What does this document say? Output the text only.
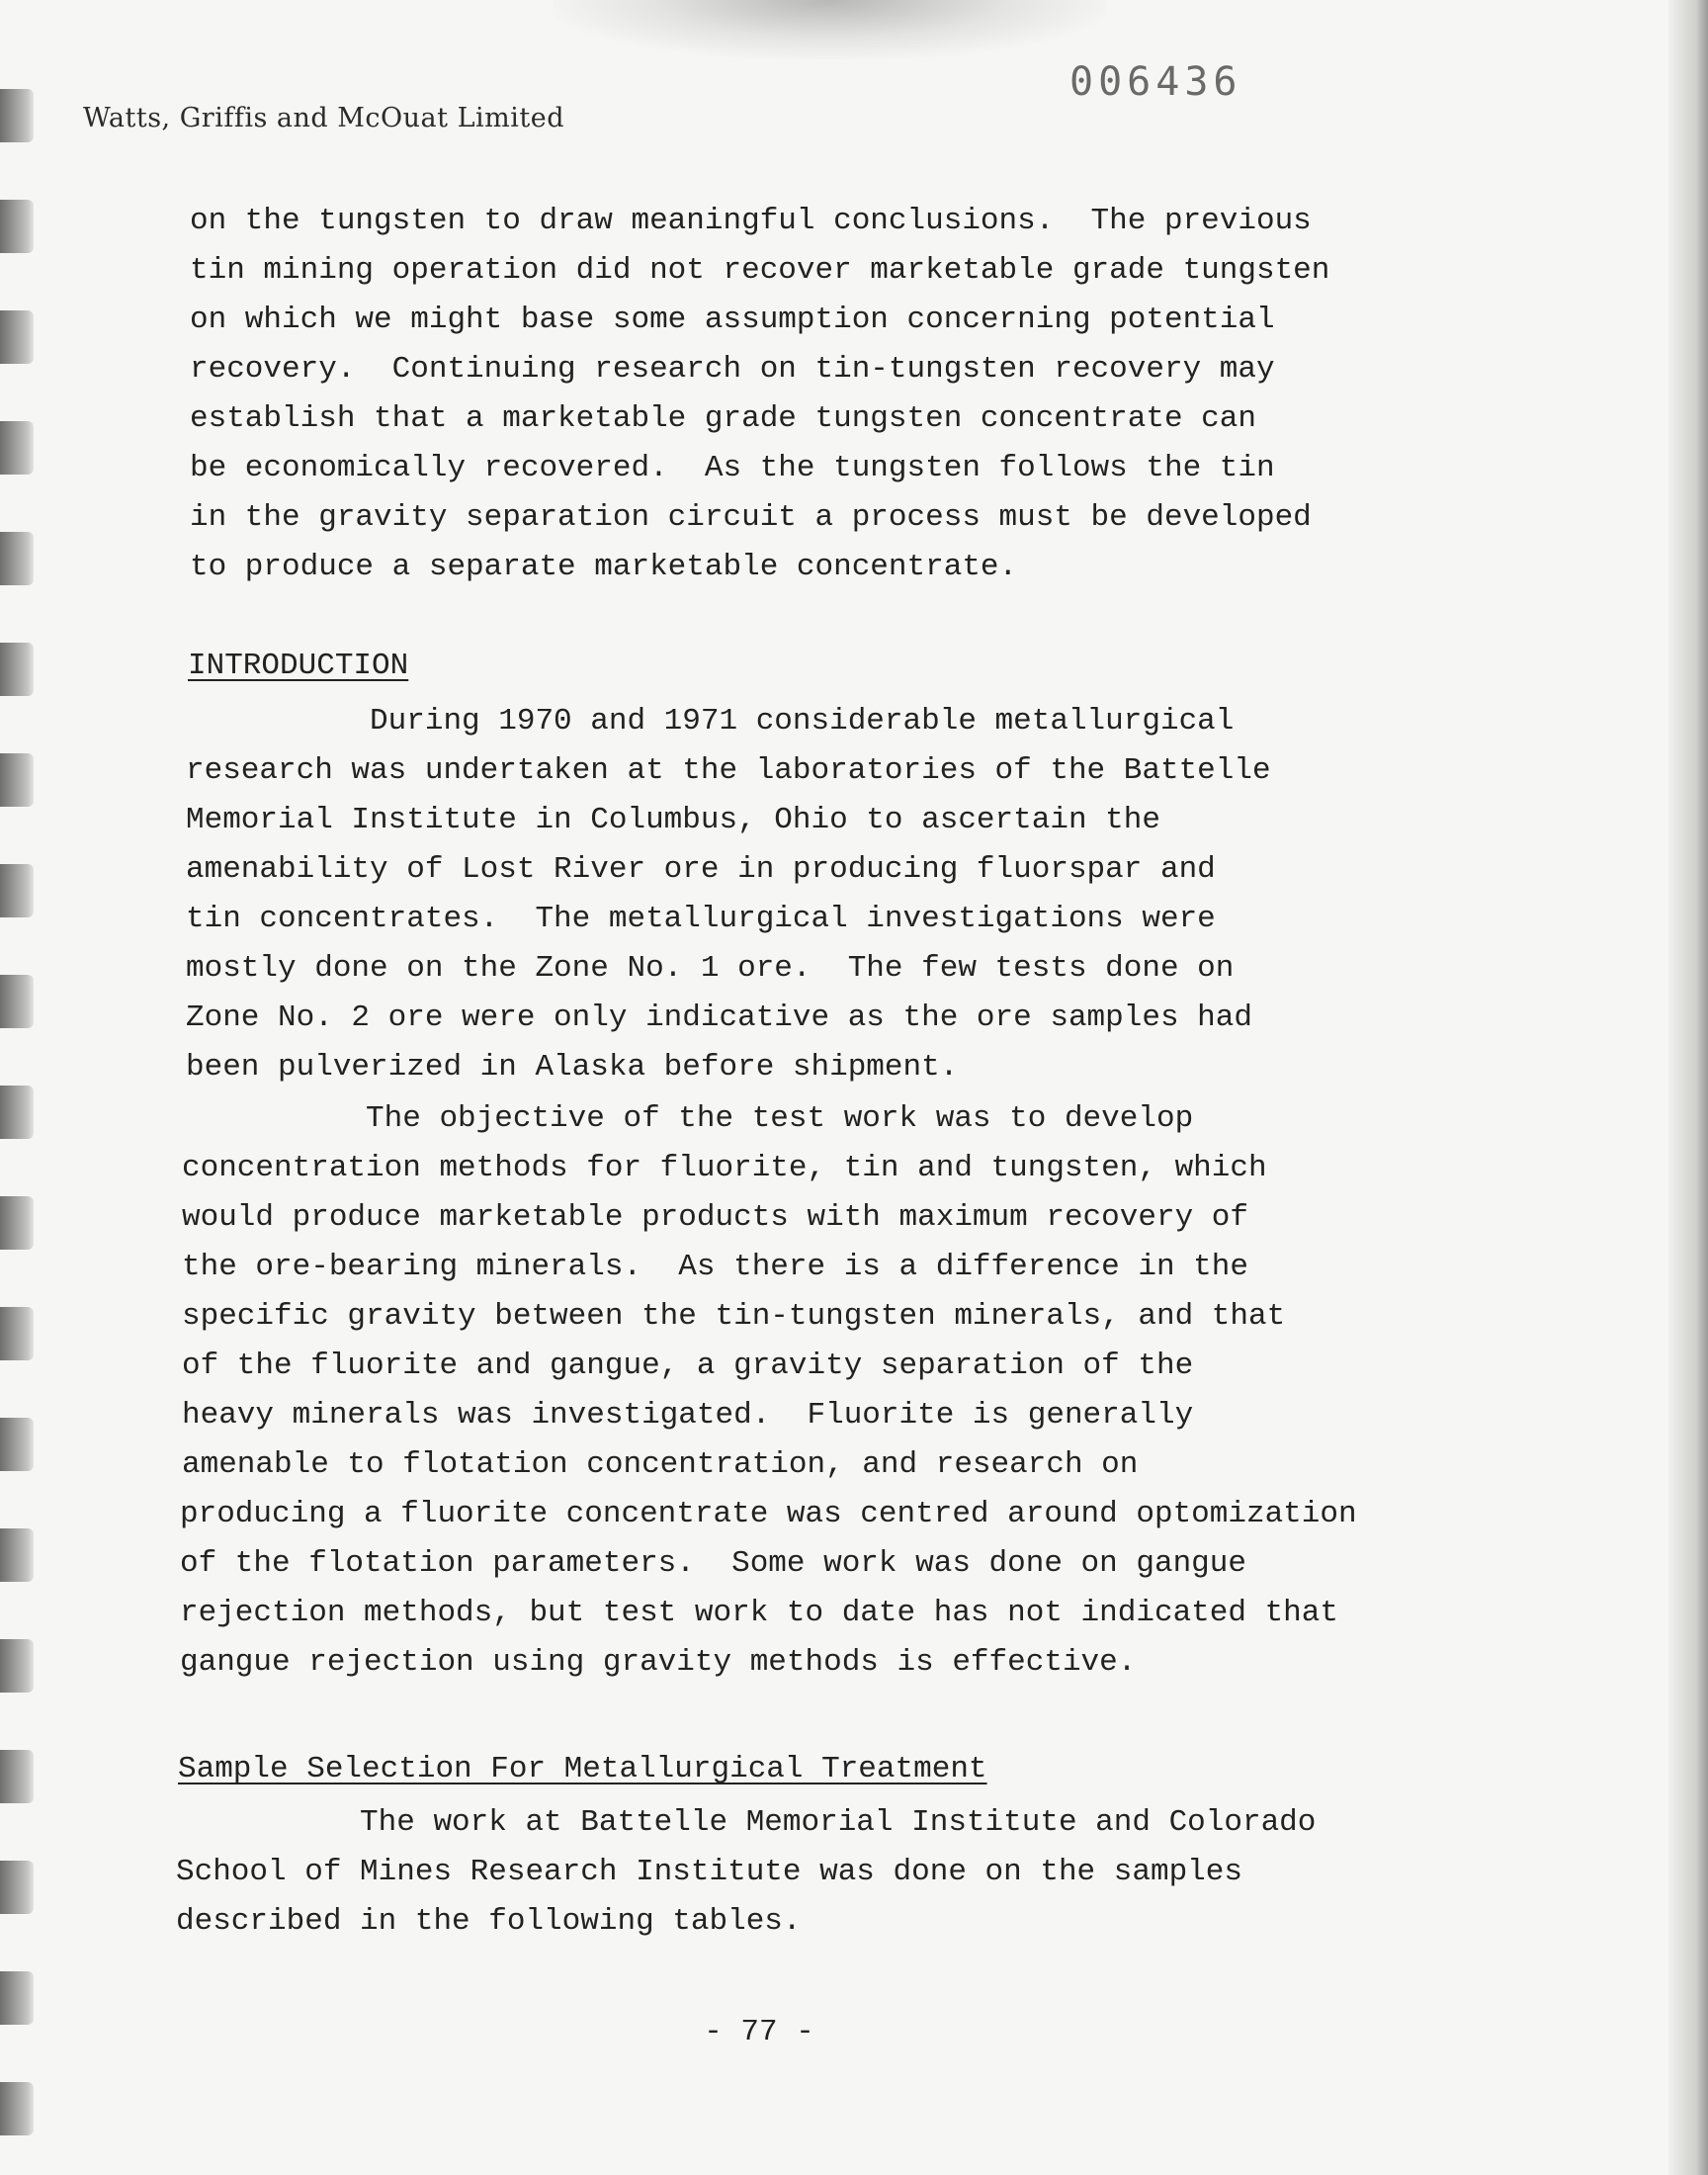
Watts, Griffis and McOuat Limited
006436
on the tungsten to draw meaningful conclusions.  The previous
tin mining operation did not recover marketable grade tungsten
on which we might base some assumption concerning potential
recovery.  Continuing research on tin-tungsten recovery may
establish that a marketable grade tungsten concentrate can
be economically recovered.  As the tungsten follows the tin
in the gravity separation circuit a process must be developed
to produce a separate marketable concentrate.
INTRODUCTION
During 1970 and 1971 considerable metallurgical
research was undertaken at the laboratories of the Battelle
Memorial Institute in Columbus, Ohio to ascertain the
amenability of Lost River ore in producing fluorspar and
tin concentrates.  The metallurgical investigations were
mostly done on the Zone No. 1 ore.  The few tests done on
Zone No. 2 ore were only indicative as the ore samples had
been pulverized in Alaska before shipment.
The objective of the test work was to develop
concentration methods for fluorite, tin and tungsten, which
would produce marketable products with maximum recovery of
the ore-bearing minerals.  As there is a difference in the
specific gravity between the tin-tungsten minerals, and that
of the fluorite and gangue, a gravity separation of the
heavy minerals was investigated.  Fluorite is generally
amenable to flotation concentration, and research on
producing a fluorite concentrate was centred around optomization
of the flotation parameters.  Some work was done on gangue
rejection methods, but test work to date has not indicated that
gangue rejection using gravity methods is effective.
Sample Selection For Metallurgical Treatment
The work at Battelle Memorial Institute and Colorado
School of Mines Research Institute was done on the samples
described in the following tables.
- 77 -
